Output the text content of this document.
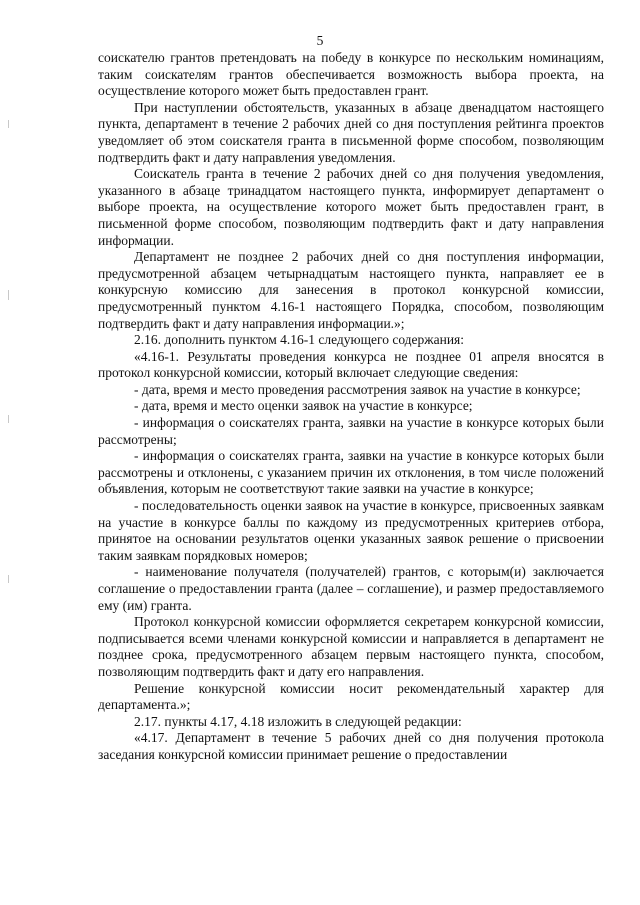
5

соискателю грантов претендовать на победу в конкурсе по нескольким номинациям, таким соискателям грантов обеспечивается возможность выбора проекта, на осуществление которого может быть предоставлен грант.

При наступлении обстоятельств, указанных в абзаце двенадцатом настоящего пункта, департамент в течение 2 рабочих дней со дня поступления рейтинга проектов уведомляет об этом соискателя гранта в письменной форме способом, позволяющим подтвердить факт и дату направления уведомления.

Соискатель гранта в течение 2 рабочих дней со дня получения уведомления, указанного в абзаце тринадцатом настоящего пункта, информирует департамент о выборе проекта, на осуществление которого может быть предоставлен грант, в письменной форме способом, позволяющим подтвердить факт и дату направления информации.

Департамент не позднее 2 рабочих дней со дня поступления информации, предусмотренной абзацем четырнадцатым настоящего пункта, направляет ее в конкурсную комиссию для занесения в протокол конкурсной комиссии, предусмотренный пунктом 4.16-1 настоящего Порядка, способом, позволяющим подтвердить факт и дату направления информации.»;

2.16. дополнить пунктом 4.16-1 следующего содержания:

«4.16-1. Результаты проведения конкурса не позднее 01 апреля вносятся в протокол конкурсной комиссии, который включает следующие сведения:

- дата, время и место проведения рассмотрения заявок на участие в конкурсе;

- дата, время и место оценки заявок на участие в конкурсе;

- информация о соискателях гранта, заявки на участие в конкурсе которых были рассмотрены;

- информация о соискателях гранта, заявки на участие в конкурсе которых были рассмотрены и отклонены, с указанием причин их отклонения, в том числе положений объявления, которым не соответствуют такие заявки на участие в конкурсе;

- последовательность оценки заявок на участие в конкурсе, присвоенных заявкам на участие в конкурсе баллы по каждому из предусмотренных критериев отбора, принятое на основании результатов оценки указанных заявок решение о присвоении таким заявкам порядковых номеров;

- наименование получателя (получателей) грантов, с которым(и) заключается соглашение о предоставлении гранта (далее – соглашение), и размер предоставляемого ему (им) гранта.

Протокол конкурсной комиссии оформляется секретарем конкурсной комиссии, подписывается всеми членами конкурсной комиссии и направляется в департамент не позднее срока, предусмотренного абзацем первым настоящего пункта, способом, позволяющим подтвердить факт и дату его направления.

Решение конкурсной комиссии носит рекомендательный характер для департамента.»;

2.17. пункты 4.17, 4.18 изложить в следующей редакции:

«4.17. Департамент в течение 5 рабочих дней со дня получения протокола заседания конкурсной комиссии принимает решение о предоставлении
